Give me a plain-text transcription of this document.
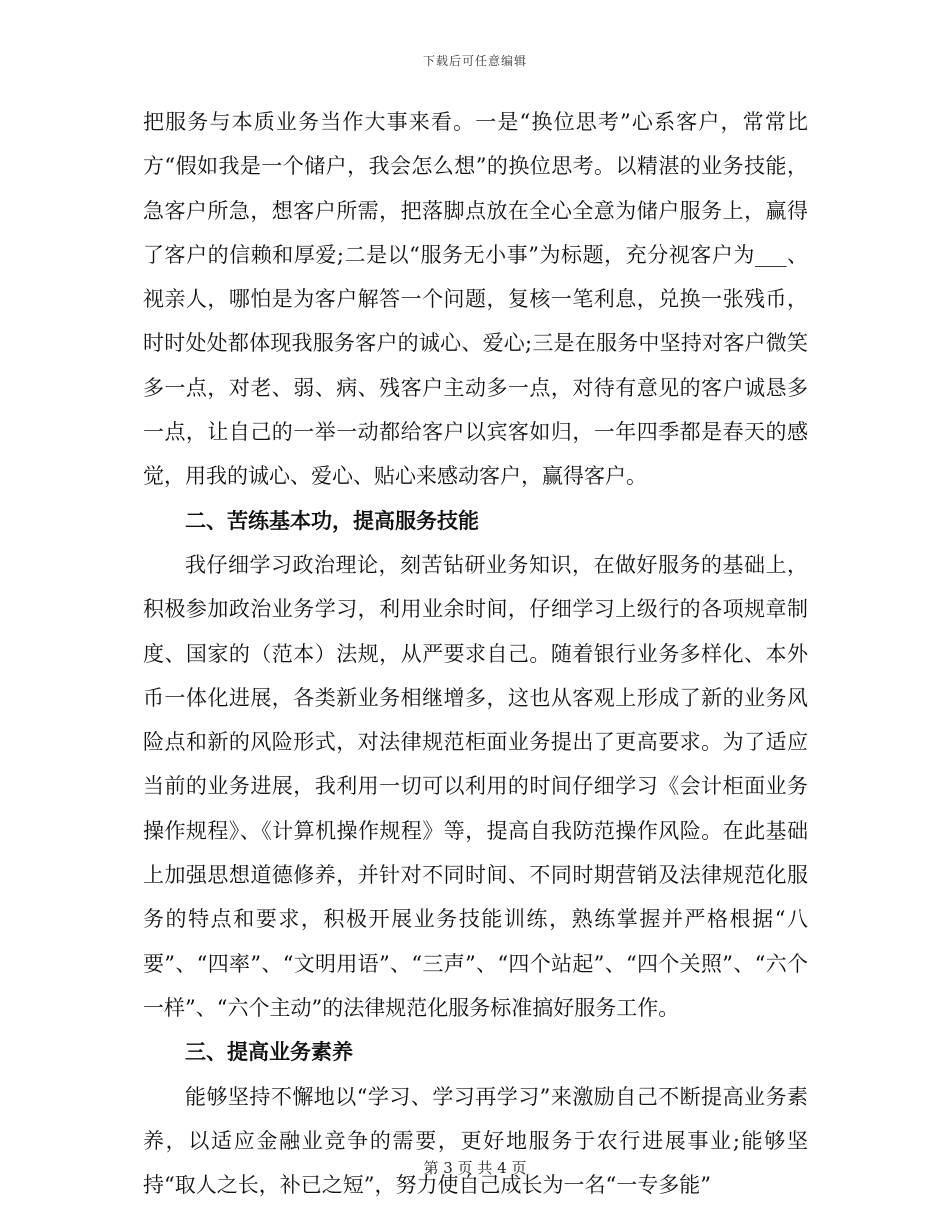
下载后可任意编辑

把服务与本质业务当作大事来看。一是“换位思考”心系客户，常常比方“假如我是一个储户，我会怎么想”的换位思考。以精湛的业务技能，急客户所急，想客户所需，把落脚点放在全心全意为储户服务上，赢得了客户的信赖和厚爱;二是以“服务无小事”为标题，充分视客户为___、视亲人，哪怕是为客户解答一个问题，复核一笔利息，兑换一张残币，时时处处都体现我服务客户的诚心、爱心;三是在服务中坚持对客户微笑多一点，对老、弱、病、残客户主动多一点，对待有意见的客户诚恳多一点，让自己的一举一动都给客户以宾客如归，一年四季都是春天的感觉，用我的诚心、爱心、贴心来感动客户，赢得客户。

二、苦练基本功，提高服务技能

我仔细学习政治理论，刻苦钻研业务知识，在做好服务的基础上，积极参加政治业务学习，利用业余时间，仔细学习上级行的各项规章制度、国家的（范本）法规，从严要求自己。随着银行业务多样化、本外币一体化进展，各类新业务相继增多，这也从客观上形成了新的业务风险点和新的风险形式，对法律规范柜面业务提出了更高要求。为了适应当前的业务进展，我利用一切可以利用的时间仔细学习《会计柜面业务操作规程》、《计算机操作规程》等，提高自我防范操作风险。在此基础上加强思想道德修养，并针对不同时间、不同时期营销及法律规范化服务的特点和要求，积极开展业务技能训练，熟练掌握并严格根据“八要”、“四率”、“文明用语”、“三声”、“四个站起”、“四个关照”、“六个一样”、“六个主动”的法律规范化服务标准搞好服务工作。

三、提高业务素养

能够坚持不懈地以“学习、学习再学习”来激励自己不断提高业务素养，以适应金融业竞争的需要，更好地服务于农行进展事业;能够坚持“取人之长，补已之短”，努力使自己成长为一名“一专多能”

第 3 页 共 4 页
